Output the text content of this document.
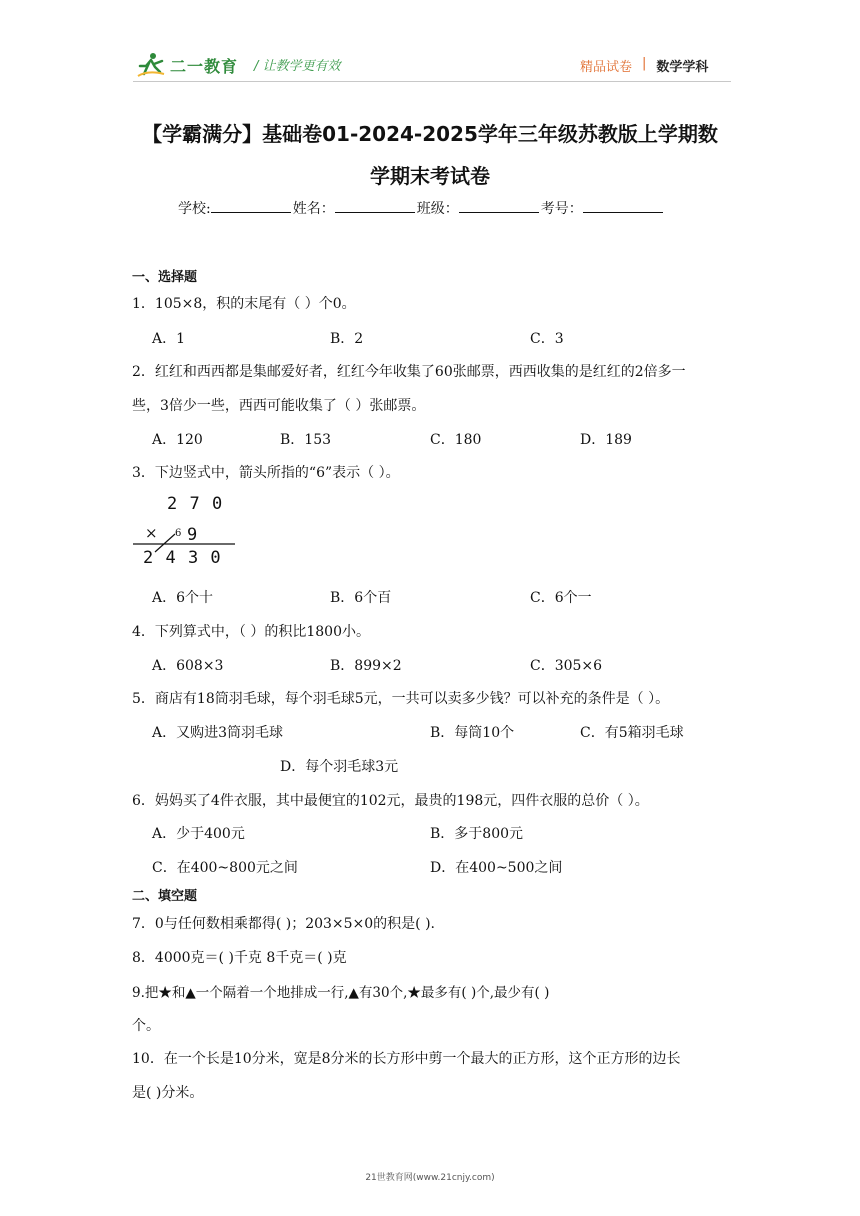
二一教育 / 让教学更有效	精品试卷 | 数学学科
【学霸满分】基础卷01-2024-2025学年三年级苏教版上学期数
学期末考试卷
学校:	姓名：	班级：	考号：
一、选择题
1．105×8，积的末尾有（ ）个0。
A．1	B．2	C．3
2．红红和西西都是集邮爱好者，红红今年收集了60张邮票，西西收集的是红红的2倍多一
些，3倍少一些，西西可能收集了（ ）张邮票。
A．120	B．153	C．180	D．189
3．下边竖式中，箭头所指的“6”表示（ ）。
2 7 0
× 6 9
2 4 3 0
A．6个十	B．6个百	C．6个一
4．下列算式中，（ ）的积比1800小。
A．608×3	B．899×2	C．305×6
5．商店有18筒羽毛球，每个羽毛球5元，一共可以卖多少钱？可以补充的条件是（ ）。
A．又购进3筒羽毛球	B．每筒10个	C．有5箱羽毛球
D．每个羽毛球3元
6．妈妈买了4件衣服，其中最便宜的102元，最贵的198元，四件衣服的总价（ ）。
A．少于400元	B．多于800元
C．在400~800元之间	D．在400~500之间
二、填空题
7．0与任何数相乘都得( )；203×5×0的积是( ).
8．4000克＝( )千克 8千克＝( )克
9.把★和▲一个隔着一个地排成一行,▲有30个,★最多有( )个,最少有( )
个。
10．在一个长是10分米，宽是8分米的长方形中剪一个最大的正方形，这个正方形的边长
是( )分米。
21世教育网(www.21cnjy.com)
